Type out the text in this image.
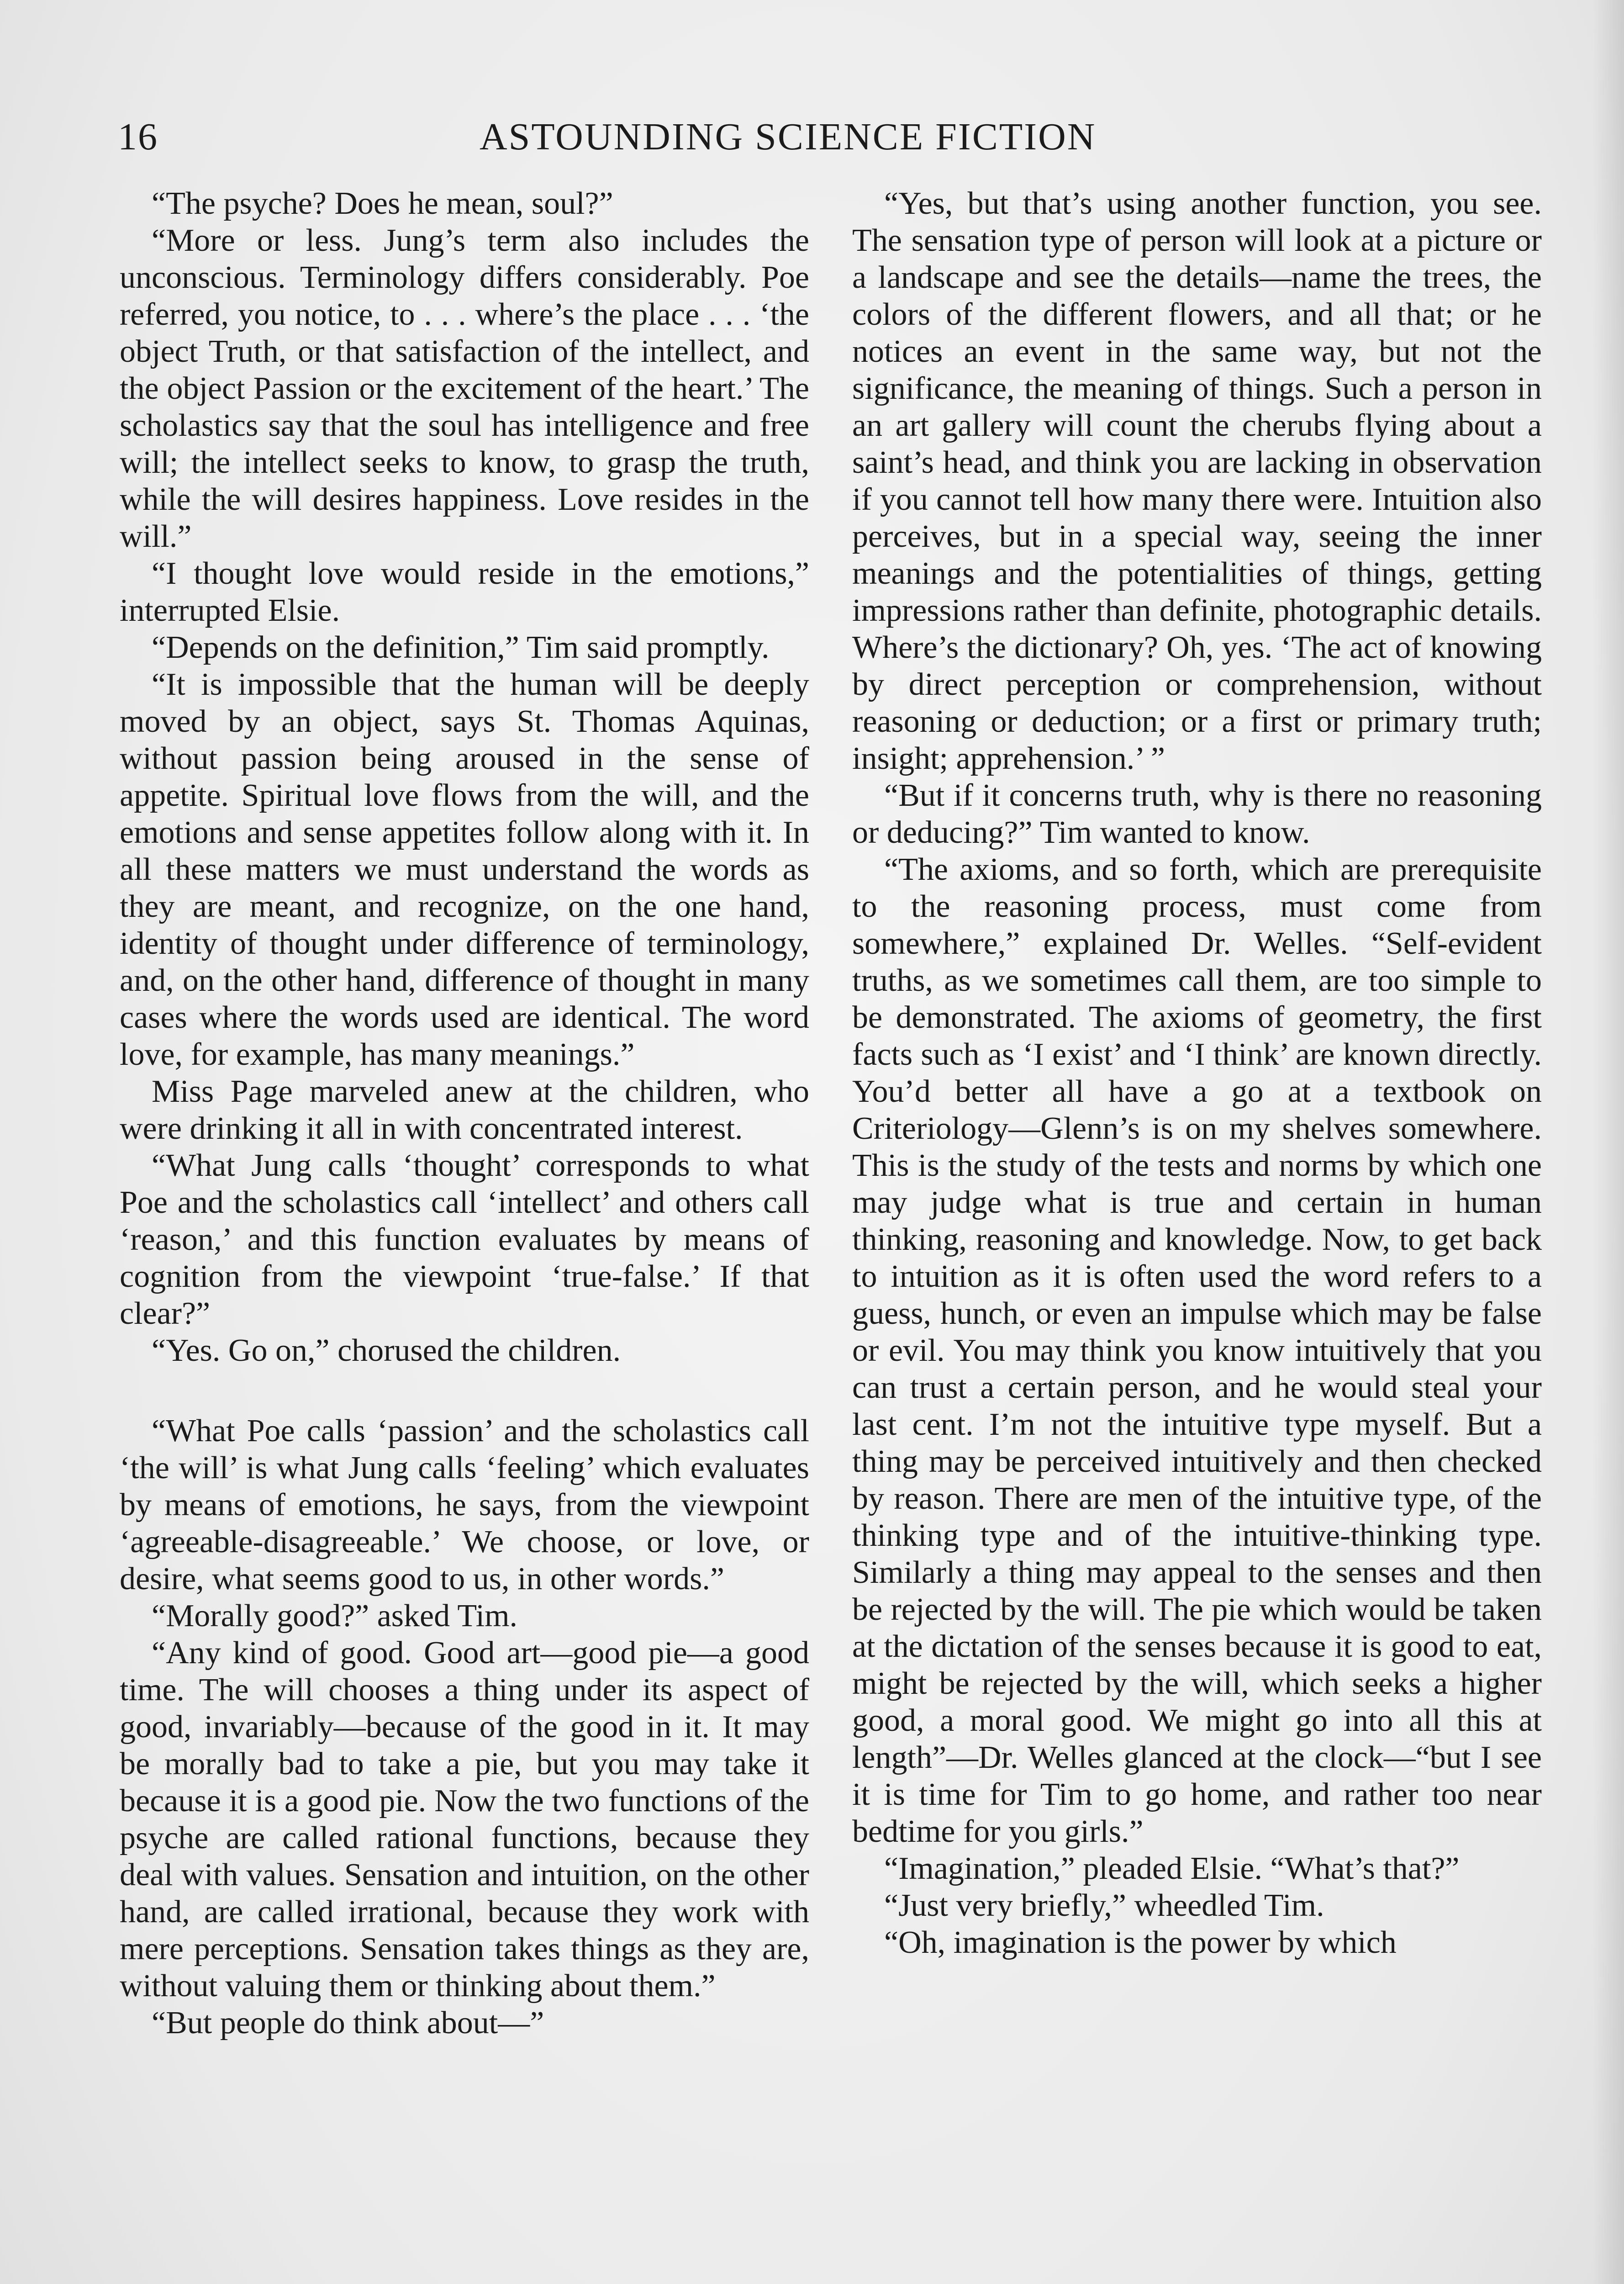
16	ASTOUNDING SCIENCE FICTION

“The psyche? Does he mean, soul?”

“More or less. Jung’s term also includes the unconscious. Terminology differs considerably. Poe referred, you notice, to . . . where’s the place . . . ‘the object Truth, or that satisfaction of the intellect, and the object Passion or the excitement of the heart.’ The scholastics say that the soul has intelligence and free will; the intellect seeks to know, to grasp the truth, while the will desires happiness. Love resides in the will.”

“I thought love would reside in the emotions,” interrupted Elsie.

“Depends on the definition,” Tim said promptly.

“It is impossible that the human will be deeply moved by an object, says St. Thomas Aquinas, without passion being aroused in the sense of appetite. Spiritual love flows from the will, and the emotions and sense appetites follow along with it. In all these matters we must understand the words as they are meant, and recognize, on the one hand, identity of thought under difference of terminology, and, on the other hand, difference of thought in many cases where the words used are identical. The word love, for example, has many meanings.”

Miss Page marveled anew at the children, who were drinking it all in with concentrated interest.

“What Jung calls ‘thought’ corresponds to what Poe and the scholastics call ‘intellect’ and others call ‘reason,’ and this function evaluates by means of cognition from the viewpoint ‘true-false.’ If that clear?”

“Yes. Go on,” chorused the children.

“What Poe calls ‘passion’ and the scholastics call ‘the will’ is what Jung calls ‘feeling’ which evaluates by means of emotions, he says, from the viewpoint ‘agreeable-disagreeable.’ We choose, or love, or desire, what seems good to us, in other words.”

“Morally good?” asked Tim.

“Any kind of good. Good art—good pie—a good time. The will chooses a thing under its aspect of good, invariably—because of the good in it. It may be morally bad to take a pie, but you may take it because it is a good pie. Now the two functions of the psyche are called rational functions, because they deal with values. Sensation and intuition, on the other hand, are called irrational, because they work with mere perceptions. Sensation takes things as they are, without valuing them or thinking about them.”

“But people do think about—”

“Yes, but that’s using another function, you see. The sensation type of person will look at a picture or a landscape and see the details—name the trees, the colors of the different flowers, and all that; or he notices an event in the same way, but not the significance, the meaning of things. Such a person in an art gallery will count the cherubs flying about a saint’s head, and think you are lacking in observation if you cannot tell how many there were. Intuition also perceives, but in a special way, seeing the inner meanings and the potentialities of things, getting impressions rather than definite, photographic details. Where’s the dictionary? Oh, yes. ‘The act of knowing by direct perception or comprehension, without reasoning or deduction; or a first or primary truth; insight; apprehension.’ ”

“But if it concerns truth, why is there no reasoning or deducing?” Tim wanted to know.

“The axioms, and so forth, which are prerequisite to the reasoning process, must come from somewhere,” explained Dr. Welles. “Self-evident truths, as we sometimes call them, are too simple to be demonstrated. The axioms of geometry, the first facts such as ‘I exist’ and ‘I think’ are known directly. You’d better all have a go at a textbook on Criteriology—Glenn’s is on my shelves somewhere. This is the study of the tests and norms by which one may judge what is true and certain in human thinking, reasoning and knowledge. Now, to get back to intuition as it is often used the word refers to a guess, hunch, or even an impulse which may be false or evil. You may think you know intuitively that you can trust a certain person, and he would steal your last cent. I’m not the intuitive type myself. But a thing may be perceived intuitively and then checked by reason. There are men of the intuitive type, of the thinking type and of the intuitive-thinking type. Similarly a thing may appeal to the senses and then be rejected by the will. The pie which would be taken at the dictation of the senses because it is good to eat, might be rejected by the will, which seeks a higher good, a moral good. We might go into all this at length”—Dr. Welles glanced at the clock—“but I see it is time for Tim to go home, and rather too near bedtime for you girls.”

“Imagination,” pleaded Elsie. “What’s that?”

“Just very briefly,” wheedled Tim.

“Oh, imagination is the power by which
